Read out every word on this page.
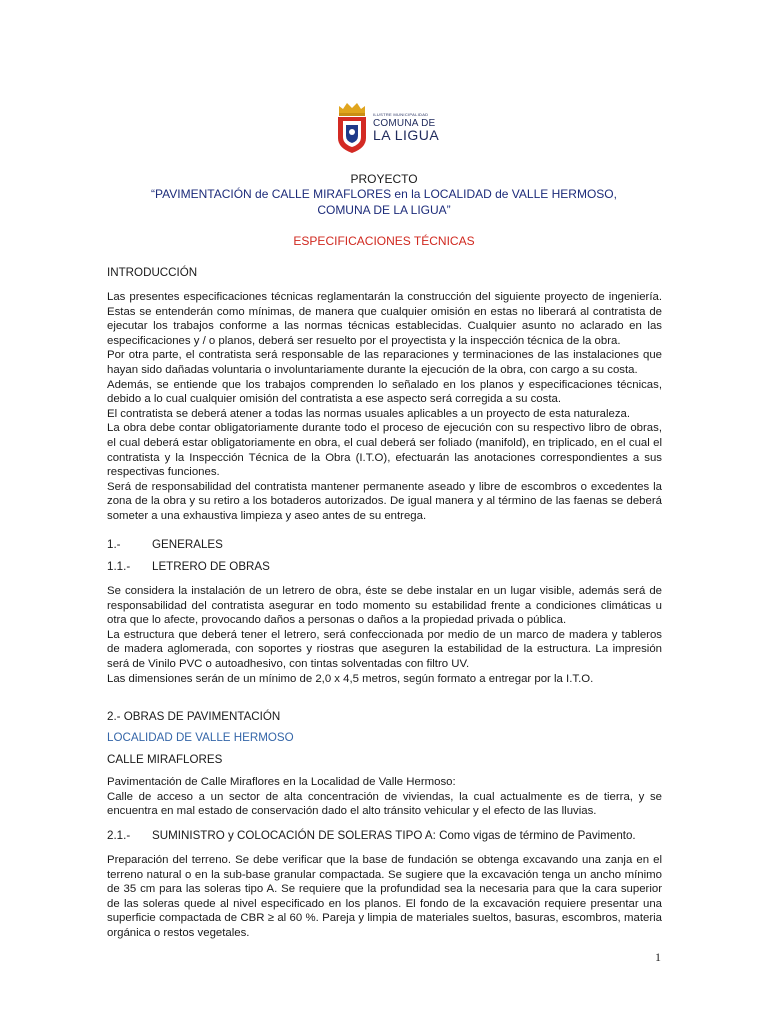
ILUSTRE MUNICIPALIDAD
COMUNA DE
LA LIGUA
PROYECTO
“PAVIMENTACIÓN de CALLE MIRAFLORES en la LOCALIDAD de VALLE HERMOSO,
COMUNA DE LA LIGUA”
ESPECIFICACIONES TÉCNICAS
INTRODUCCIÓN

Las presentes especificaciones técnicas reglamentarán la construcción del siguiente proyecto de ingeniería. Estas se entenderán como mínimas, de manera que cualquier omisión en estas no liberará al contratista de ejecutar los trabajos conforme a las normas técnicas establecidas. Cualquier asunto no aclarado en las especificaciones y / o planos, deberá ser resuelto por el proyectista y la inspección técnica de la obra.

Por otra parte, el contratista será responsable de las reparaciones y terminaciones de las instalaciones que hayan sido dañadas voluntaria o involuntariamente durante la ejecución de la obra, con cargo a su costa.

Además, se entiende que los trabajos comprenden lo señalado en los planos y especificaciones técnicas, debido a lo cual cualquier omisión del contratista a ese aspecto será corregida a su costa.

El contratista se deberá atener a todas las normas usuales aplicables a un proyecto de esta naturaleza.

La obra debe contar obligatoriamente durante todo el proceso de ejecución con su respectivo libro de obras, el cual deberá estar obligatoriamente en obra, el cual deberá ser foliado (manifold), en triplicado, en el cual el contratista y la Inspección Técnica de la Obra (I.T.O), efectuarán las anotaciones correspondientes a sus respectivas funciones.

Será de responsabilidad del contratista mantener permanente aseado y libre de escombros o excedentes la zona de la obra y su retiro a los botaderos autorizados. De igual manera y al término de las faenas se deberá someter a una exhaustiva limpieza y aseo antes de su entrega.

1.-	GENERALES
1.1.- LETRERO DE OBRAS

Se considera la instalación de un letrero de obra, éste se debe instalar en un lugar visible, además será de responsabilidad del contratista asegurar en todo momento su estabilidad frente a condiciones climáticas u otra que lo afecte, provocando daños a personas o daños a la propiedad privada o pública.

La estructura que deberá tener el letrero, será confeccionada por medio de un marco de madera y tableros de madera aglomerada, con soportes y riostras que aseguren la estabilidad de la estructura. La impresión será de Vinilo PVC o autoadhesivo, con tintas solventadas con filtro UV.

Las dimensiones serán de un mínimo de 2,0 x 4,5 metros, según formato a entregar por la I.T.O.

2.- OBRAS DE PAVIMENTACIÓN
LOCALIDAD DE VALLE HERMOSO
CALLE MIRAFLORES

Pavimentación de Calle Miraflores en la Localidad de Valle Hermoso:

Calle de acceso a un sector de alta concentración de viviendas, la cual actualmente es de tierra, y se encuentra en mal estado de conservación dado el alto tránsito vehicular y el efecto de las lluvias.

2.1.- SUMINISTRO y COLOCACIÓN DE SOLERAS TIPO A: Como vigas de término de Pavimento.

Preparación del terreno. Se debe verificar que la base de fundación se obtenga excavando una zanja en el terreno natural o en la sub-base granular compactada. Se sugiere que la excavación tenga un ancho mínimo de 35 cm para las soleras tipo A. Se requiere que la profundidad sea la necesaria para que la cara superior de las soleras quede al nivel especificado en los planos. El fondo de la excavación requiere presentar una superficie compactada de CBR ≥ al 60 %. Pareja y limpia de materiales sueltos, basuras, escombros, materia orgánica o restos vegetales.

1
